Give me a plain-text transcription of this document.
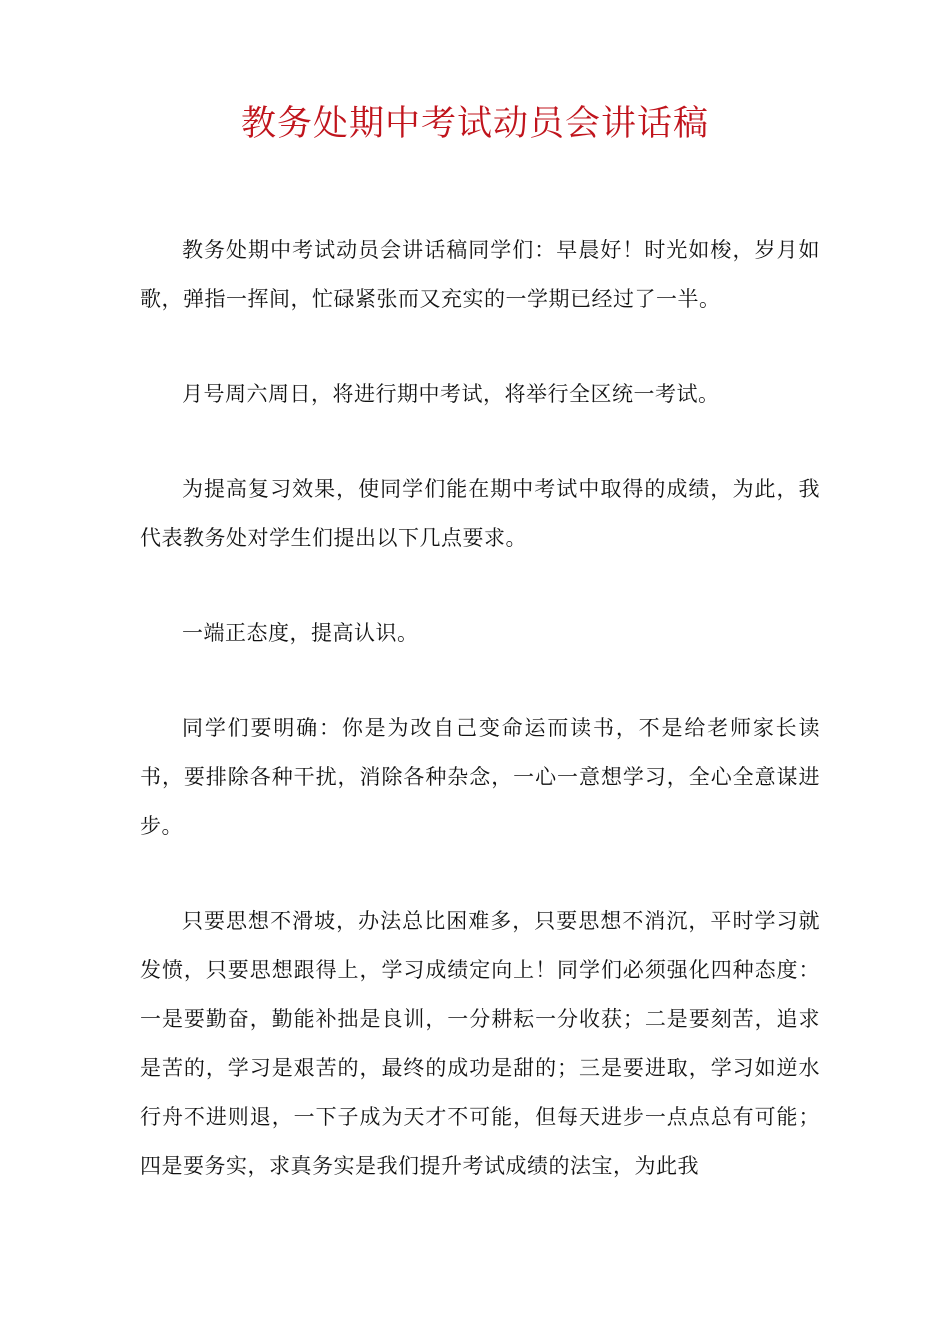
教务处期中考试动员会讲话稿

教务处期中考试动员会讲话稿同学们：早晨好！时光如梭，岁月如歌，弹指一挥间，忙碌紧张而又充实的一学期已经过了一半。

月号周六周日，将进行期中考试，将举行全区统一考试。

为提高复习效果，使同学们能在期中考试中取得的成绩，为此，我代表教务处对学生们提出以下几点要求。

一端正态度，提高认识。

同学们要明确：你是为改自己变命运而读书，不是给老师家长读书，要排除各种干扰，消除各种杂念，一心一意想学习，全心全意谋进步。

只要思想不滑坡，办法总比困难多，只要思想不消沉，平时学习就发愤，只要思想跟得上，学习成绩定向上！同学们必须强化四种态度：一是要勤奋，勤能补拙是良训，一分耕耘一分收获；二是要刻苦，追求是苦的，学习是艰苦的，最终的成功是甜的；三是要进取，学习如逆水行舟不进则退，一下子成为天才不可能，但每天进步一点点总有可能；四是要务实，求真务实是我们提升考试成绩的法宝，为此我
